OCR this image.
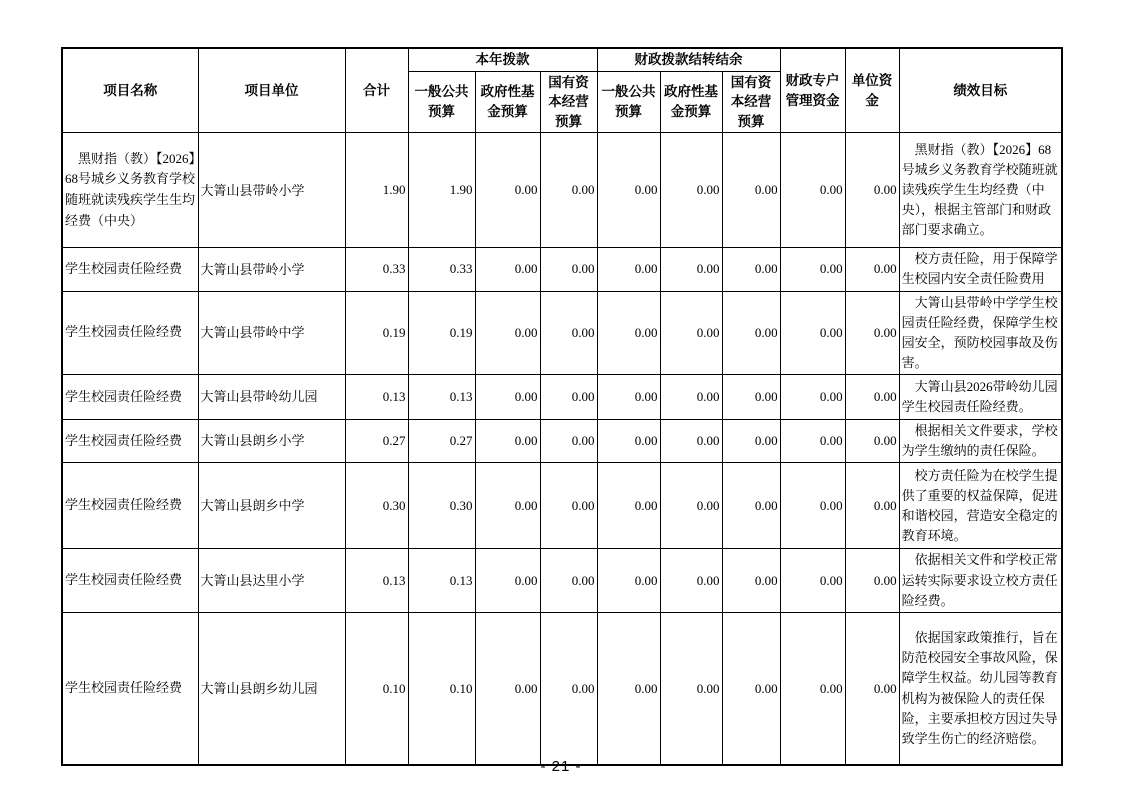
项目名称	项目单位	合计	本年拨款			财政拨款结转结余			财政专户管理资金	单位资金	绩效目标
			一般公共预算	政府性基金预算	国有资本经营预算	一般公共预算	政府性基金预算	国有资本经营预算			
黑财指（教）【2026】68号城乡义务教育学校随班就读残疾学生生均经费（中央）	大箐山县带岭小学	1.90	1.90	0.00	0.00	0.00	0.00	0.00	0.00	0.00	黑财指（教）【2026】68号城乡义务教育学校随班就读残疾学生生均经费（中央），根据主管部门和财政部门要求确立。
学生校园责任险经费	大箐山县带岭小学	0.33	0.33	0.00	0.00	0.00	0.00	0.00	0.00	0.00	校方责任险，用于保障学生校园内安全责任险费用
学生校园责任险经费	大箐山县带岭中学	0.19	0.19	0.00	0.00	0.00	0.00	0.00	0.00	0.00	大箐山县带岭中学学生校园责任险经费，保障学生校园安全，预防校园事故及伤害。
学生校园责任险经费	大箐山县带岭幼儿园	0.13	0.13	0.00	0.00	0.00	0.00	0.00	0.00	0.00	大箐山县2026带岭幼儿园学生校园责任险经费。
学生校园责任险经费	大箐山县朗乡小学	0.27	0.27	0.00	0.00	0.00	0.00	0.00	0.00	0.00	根据相关文件要求，学校为学生缴纳的责任保险。
学生校园责任险经费	大箐山县朗乡中学	0.30	0.30	0.00	0.00	0.00	0.00	0.00	0.00	0.00	校方责任险为在校学生提供了重要的权益保障，促进和谐校园，营造安全稳定的教育环境。
学生校园责任险经费	大箐山县达里小学	0.13	0.13	0.00	0.00	0.00	0.00	0.00	0.00	0.00	依据相关文件和学校正常运转实际要求设立校方责任险经费。
学生校园责任险经费	大箐山县朗乡幼儿园	0.10	0.10	0.00	0.00	0.00	0.00	0.00	0.00	0.00	依据国家政策推行，旨在防范校园安全事故风险，保障学生权益。幼儿园等教育机构为被保险人的责任保险，主要承担校方因过失导致学生伤亡的经济赔偿。
- 21 -
